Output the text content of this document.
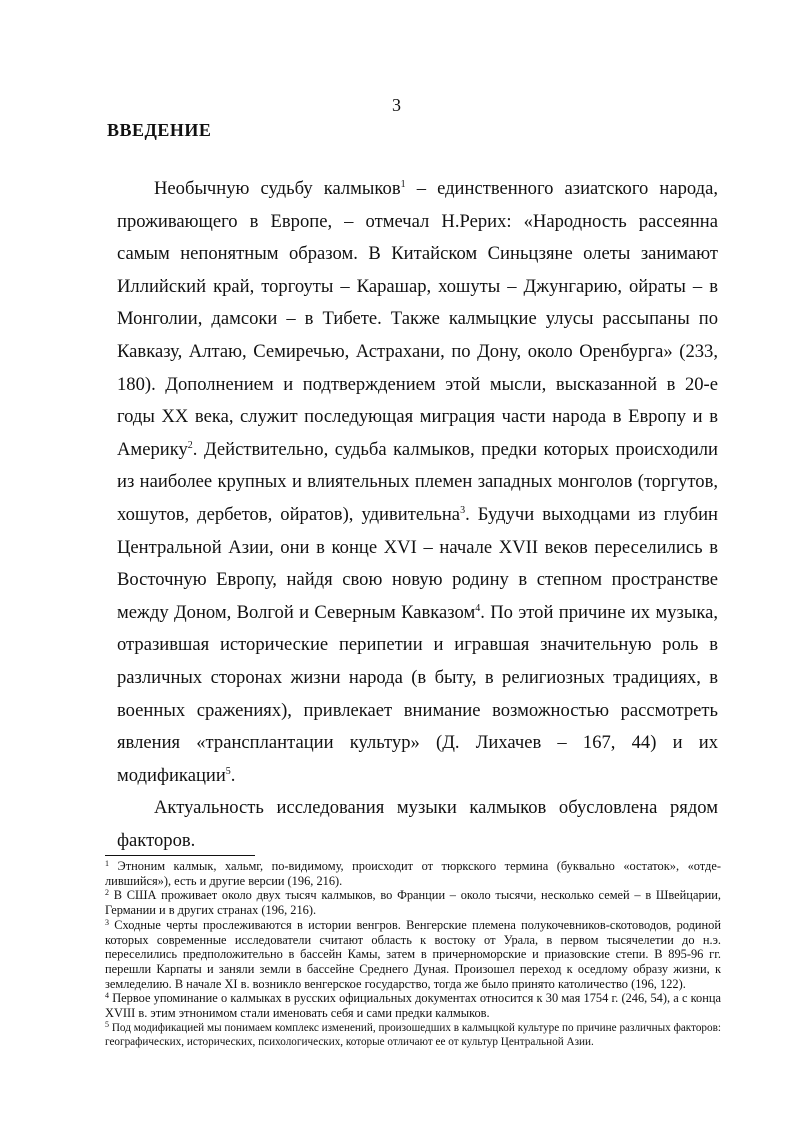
3
ВВЕДЕНИЕ

Необычную судьбу калмыков$^1$ – единственного азиатского народа, проживающего в Европе, – отмечал Н.Рерих: «Народность рассеянна самым непонятным образом. В Китайском Синьцзяне олеты занимают Иллийский край, торгоуты – Карашар, хошуты – Джунгарию, ойраты – в Монголии, дамсоки – в Тибете. Также калмыцкие улусы рассыпаны по Кавказу, Алтаю, Семиречью, Астрахани, по Дону, около Оренбурга» (233, 180). Дополнением и подтверждением этой мысли, высказанной в 20-е годы ХХ века, служит последующая миграция части народа в Европу и в Америку$^2$. Действительно, судьба калмыков, предки которых происходили из наиболее крупных и влиятельных племен западных монголов (торгутов, хошутов, дербетов, ойратов), удивительна$^3$. Будучи выходцами из глубин Центральной Азии, они в конце XVI – начале XVII веков переселились в Восточную Европу, найдя свою новую родину в степном пространстве между Доном, Волгой и Северным Кавказом$^4$. По этой причине их музыка, отразившая исторические перипетии и игравшая значительную роль в различных сторонах жизни народа (в быту, в религиозных традициях, в военных сражениях), привлекает внимание возможностью рассмотреть явления «трансплантации культур» (Д. Лихачев – 167, 44) и их модификации$^5$.

Актуальность исследования музыки калмыков обусловлена рядом факторов.

$^1$ Этноним калмык, хальмг, по-видимому, происходит от тюркского термина (буквально «остаток», «отделившийся»), есть и другие версии (196, 216).

$^2$ В США проживает около двух тысяч калмыков, во Франции – около тысячи, несколько семей – в Швейцарии, Германии и в других странах (196, 216).

$^3$ Сходные черты прослеживаются в истории венгров. Венгерские племена полукочевников-скотоводов, родиной которых современные исследователи считают область к востоку от Урала, в первом тысячелетии до н.э. переселились предположительно в бассейн Камы, затем в причерноморские и приазовские степи. В 895-96 гг. перешли Карпаты и заняли земли в бассейне Среднего Дуная. Произошел переход к оседлому образу жизни, к земледелию. В начале XI в. возникло венгерское государство, тогда же было принято католичество (196, 122).

$^4$ Первое упоминание о калмыках в русских официальных документах относится к 30 мая 1754 г. (246, 54), а с конца XVIII в. этим этнонимом стали именовать себя и сами предки калмыков.

$^5$ Под модификацией мы понимаем комплекс изменений, произошедших в калмыцкой культуре по причине различных факторов: географических, исторических, психологических, которые отличают ее от культур Центральной Азии.
